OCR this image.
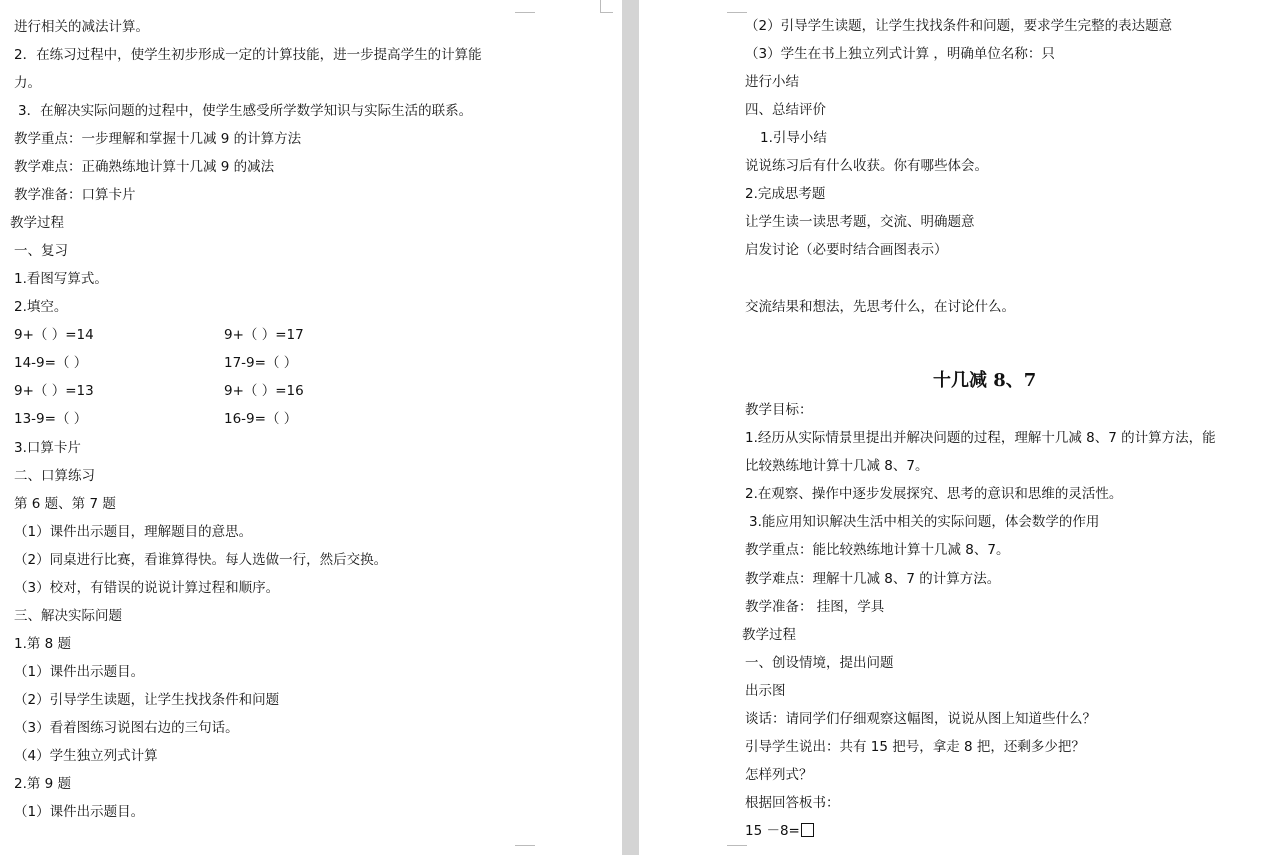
进行相关的减法计算。
2．在练习过程中，使学生初步形成一定的计算技能，进一步提高学生的计算能
力。
3．在解决实际问题的过程中，使学生感受所学数学知识与实际生活的联系。
教学重点：一步理解和掌握十几减 9 的计算方法
教学难点：正确熟练地计算十几减 9 的减法
教学准备：口算卡片
教学过程
一、复习
1.看图写算式。
2.填空。
9+（ ）=14	9+（ ）=17
14-9=（ ）	17-9=（ ）
9+（ ）=13	9+（ ）=16
13-9=（ ）	16-9=（ ）
3.口算卡片
二、口算练习
第 6 题、第 7 题
（1）课件出示题目，理解题目的意思。
（2）同桌进行比赛，看谁算得快。每人选做一行，然后交换。
（3）校对，有错误的说说计算过程和顺序。
三、解决实际问题
1.第 8 题
（1）课件出示题目。
（2）引导学生读题，让学生找找条件和问题
（3）看着图练习说图右边的三句话。
（4）学生独立列式计算
2.第 9 题
（1）课件出示题目。
（2）引导学生读题，让学生找找条件和问题，要求学生完整的表达题意
（3）学生在书上独立列式计算 ，明确单位名称：只
进行小结
四、总结评价
1.引导小结
说说练习后有什么收获。你有哪些体会。
2.完成思考题
让学生读一读思考题，交流、明确题意
启发讨论（必要时结合画图表示）
交流结果和想法，先思考什么，在讨论什么。
十几减 8、7
教学目标：
1.经历从实际情景里提出并解决问题的过程，理解十几减 8、7 的计算方法，能
比较熟练地计算十几减 8、7。
2.在观察、操作中逐步发展探究、思考的意识和思维的灵活性。
3.能应用知识解决生活中相关的实际问题，体会数学的作用
教学重点：能比较熟练地计算十几减 8、7。
教学难点：理解十几减 8、7 的计算方法。
教学准备： 挂图，学具
教学过程
一、创设情境，提出问题
出示图
谈话：请同学们仔细观察这幅图，说说从图上知道些什么？
引导学生说出：共有 15 把号，拿走 8 把，还剩多少把？
怎样列式？
根据回答板书：
15 －8=
